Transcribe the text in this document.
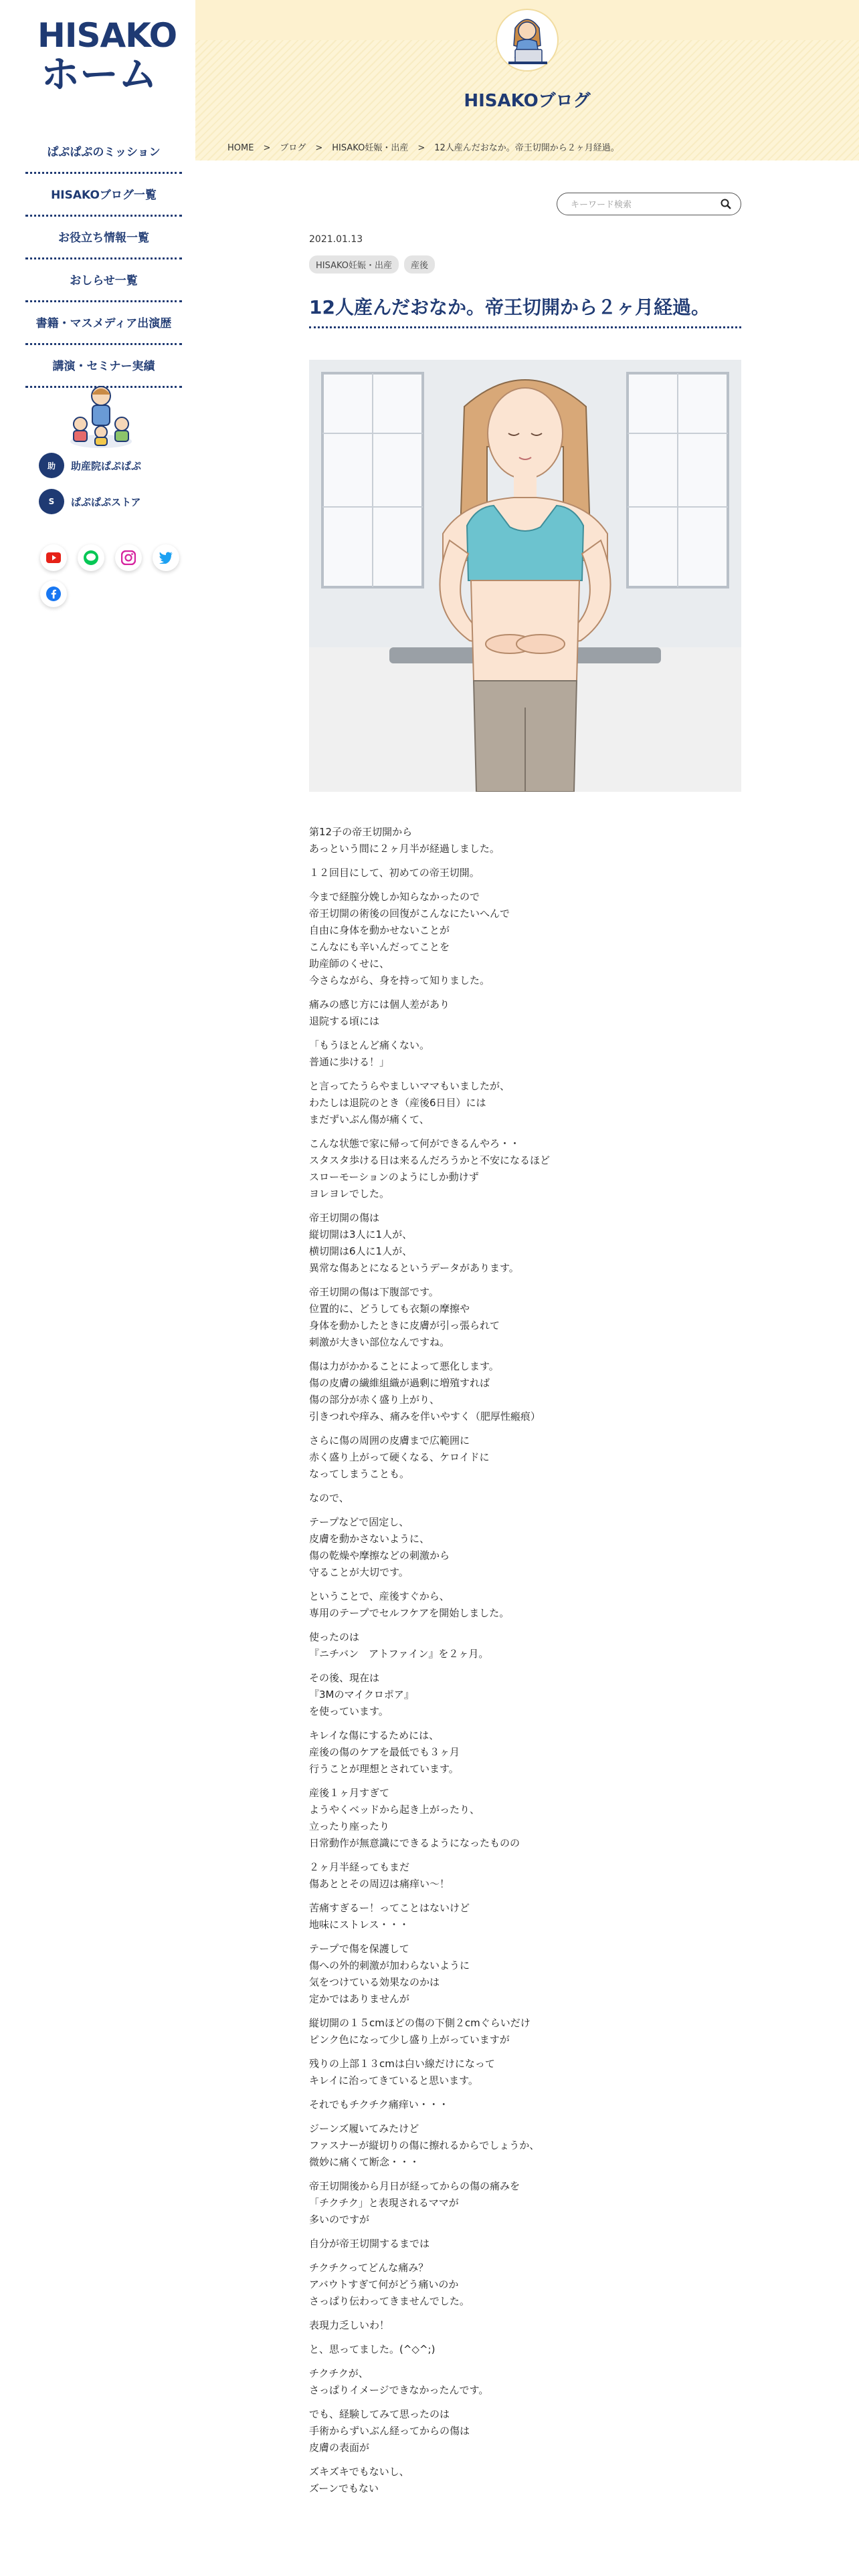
HISAKO
ホーム
ぱぷぱぷのミッション
HISAKOブログ一覧
お役立ち情報一覧
おしらせ一覧
書籍・マスメディア出演歴
講演・セミナー実績
助	助産院ぱぷぱぷ
S	ぱぷぱぷストア
HISAKOブログ
HOME > ブログ > HISAKO妊娠・出産 > 12人産んだおなか。帝王切開から２ヶ月経過。
キーワード検索
2021.01.13
HISAKO妊娠・出産	産後
12人産んだおなか。帝王切開から２ヶ月経過。

第12子の帝王切開から
あっという間に２ヶ月半が経過しました。

１２回目にして、初めての帝王切開。

今まで経膣分娩しか知らなかったので
帝王切開の術後の回復がこんなにたいへんで
自由に身体を動かせないことが
こんなにも辛いんだってことを
助産師のくせに、
今さらながら、身を持って知りました。

痛みの感じ方には個人差があり
退院する頃には

「もうほとんど痛くない。
普通に歩ける！」

と言ってたうらやましいママもいましたが、
わたしは退院のとき（産後6日目）には
まだずいぶん傷が痛くて、

こんな状態で家に帰って何ができるんやろ・・
スタスタ歩ける日は来るんだろうかと不安になるほど
スローモーションのようにしか動けず
ヨレヨレでした。

帝王切開の傷は
縦切開は3人に1人が、
横切開は6人に1人が、
異常な傷あとになるというデータがあります。

帝王切開の傷は下腹部です。
位置的に、どうしても衣類の摩擦や
身体を動かしたときに皮膚が引っ張られて
刺激が大きい部位なんですね。

傷は力がかかることによって悪化します。
傷の皮膚の繊維組織が過剰に増殖すれば
傷の部分が赤く盛り上がり、
引きつれや痒み、痛みを伴いやすく（肥厚性瘢痕）

さらに傷の周囲の皮膚まで広範囲に
赤く盛り上がって硬くなる、ケロイドに
なってしまうことも。

なので、

テープなどで固定し、
皮膚を動かさないように、
傷の乾燥や摩擦などの刺激から
守ることが大切です。

ということで、産後すぐから、
専用のテープでセルフケアを開始しました。

使ったのは
『ニチバン　アトファイン』を２ヶ月。

その後、現在は
『3Mのマイクロポア』
を使っています。

キレイな傷にするためには、
産後の傷のケアを最低でも３ヶ月
行うことが理想とされています。

産後１ヶ月すぎて
ようやくベッドから起き上がったり、
立ったり座ったり
日常動作が無意識にできるようになったものの

２ヶ月半経ってもまだ
傷あととその周辺は痛痒い〜！

苦痛すぎるー！ってことはないけど
地味にストレス・・・

テープで傷を保護して
傷への外的刺激が加わらないように
気をつけている効果なのかは
定かではありませんが

縦切開の１５cmほどの傷の下側２cmぐらいだけ
ピンク色になって少し盛り上がっていますが

残りの上部１３cmは白い線だけになって
キレイに治ってきていると思います。

それでもチクチク痛痒い・・・

ジーンズ履いてみたけど
ファスナーが縦切りの傷に擦れるからでしょうか、
微妙に痛くて断念・・・

帝王切開後から月日が経ってからの傷の痛みを
「チクチク」と表現されるママが
多いのですが

自分が帝王切開するまでは

チクチクってどんな痛み？
アバウトすぎて何がどう痛いのか
さっぱり伝わってきませんでした。

表現力乏しいわ！

と、思ってました。(^◇^;)

チクチクが、
さっぱりイメージできなかったんです。

でも、経験してみて思ったのは
手術からずいぶん経ってからの傷は
皮膚の表面が

ズキズキでもないし、
ズーンでもない
